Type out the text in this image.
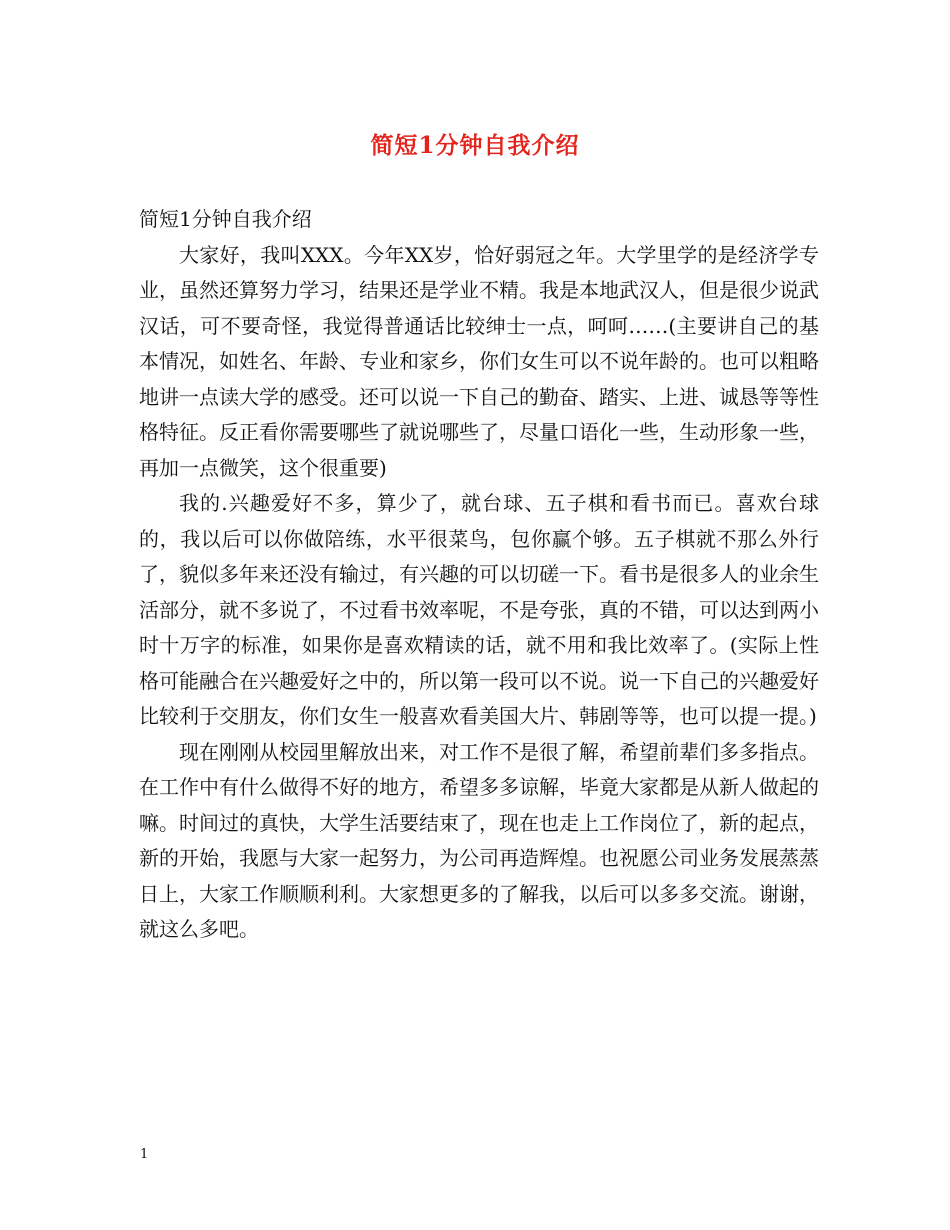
简短1分钟自我介绍

简短1分钟自我介绍

大家好，我叫XXX。今年XX岁，恰好弱冠之年。大学里学的是经济学专业，虽然还算努力学习，结果还是学业不精。我是本地武汉人，但是很少说武汉话，可不要奇怪，我觉得普通话比较绅士一点，呵呵……(主要讲自己的基本情况，如姓名、年龄、专业和家乡，你们女生可以不说年龄的。也可以粗略地讲一点读大学的感受。还可以说一下自己的勤奋、踏实、上进、诚恳等等性格特征。反正看你需要哪些了就说哪些了，尽量口语化一些，生动形象一些，再加一点微笑，这个很重要)

我的.兴趣爱好不多，算少了，就台球、五子棋和看书而已。喜欢台球的，我以后可以你做陪练，水平很菜鸟，包你赢个够。五子棋就不那么外行了，貌似多年来还没有输过，有兴趣的可以切磋一下。看书是很多人的业余生活部分，就不多说了，不过看书效率呢，不是夸张，真的不错，可以达到两小时十万字的标准，如果你是喜欢精读的话，就不用和我比效率了。(实际上性格可能融合在兴趣爱好之中的，所以第一段可以不说。说一下自己的兴趣爱好比较利于交朋友，你们女生一般喜欢看美国大片、韩剧等等，也可以提一提。)

现在刚刚从校园里解放出来，对工作不是很了解，希望前辈们多多指点。在工作中有什么做得不好的地方，希望多多谅解，毕竟大家都是从新人做起的嘛。时间过的真快，大学生活要结束了，现在也走上工作岗位了，新的起点，新的开始，我愿与大家一起努力，为公司再造辉煌。也祝愿公司业务发展蒸蒸日上，大家工作顺顺利利。大家想更多的了解我，以后可以多多交流。谢谢，就这么多吧。

1
